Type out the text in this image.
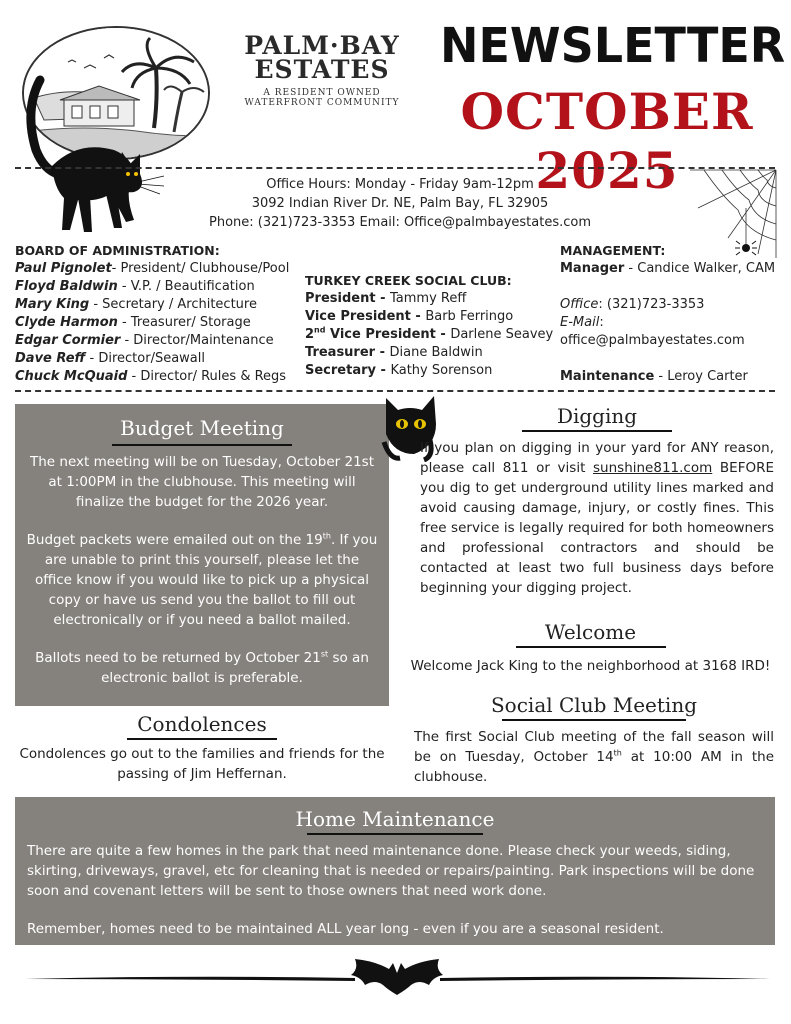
PALM·BAY
ESTATES
A RESIDENT OWNED
WATERFRONT COMMUNITY
NEWSLETTER
OCTOBER 2025
Office Hours: Monday - Friday 9am-12pm
3092 Indian River Dr. NE, Palm Bay, FL 32905
Phone: (321)723-3353 Email: Office@palmbayestates.com
BOARD OF ADMINISTRATION:
Paul Pignolet- President/ Clubhouse/Pool
Floyd Baldwin - V.P. / Beautification
Mary King - Secretary / Architecture
Clyde Harmon - Treasurer/ Storage
Edgar Cormier - Director/Maintenance
Dave Reff - Director/Seawall
Chuck McQuaid - Director/ Rules & Regs
TURKEY CREEK SOCIAL CLUB:
President - Tammy Reff
Vice President - Barb Ferringo
2nd Vice President - Darlene Seavey
Treasurer - Diane Baldwin
Secretary - Kathy Sorenson
MANAGEMENT:
Manager - Candice Walker, CAM
Office: (321)723-3353
E-Mail:
office@palmbayestates.com
Maintenance - Leroy Carter
Budget Meeting

The next meeting will be on Tuesday, October 21st at 1:00PM in the clubhouse. This meeting will finalize the budget for the 2026 year.

Budget packets were emailed out on the 19th. If you are unable to print this yourself, please let the office know if you would like to pick up a physical copy or have us send you the ballot to fill out electronically or if you need a ballot mailed.

Ballots need to be returned by October 21st so an electronic ballot is preferable.

Condolences

Condolences go out to the families and friends for the passing of Jim Heffernan.

Digging

If you plan on digging in your yard for ANY reason, please call 811 or visit sunshine811.com BEFORE you dig to get underground utility lines marked and avoid causing damage, injury, or costly fines. This free service is legally required for both homeowners and professional contractors and should be contacted at least two full business days before beginning your digging project.

Welcome

Welcome Jack King to the neighborhood at 3168 IRD!

Social Club Meeting

The first Social Club meeting of the fall season will be on Tuesday, October 14th at 10:00 AM in the clubhouse.

Home Maintenance

There are quite a few homes in the park that need maintenance done. Please check your weeds, siding, skirting, driveways, gravel, etc for cleaning that is needed or repairs/painting. Park inspections will be done soon and covenant letters will be sent to those owners that need work done.

Remember, homes need to be maintained ALL year long - even if you are a seasonal resident.
